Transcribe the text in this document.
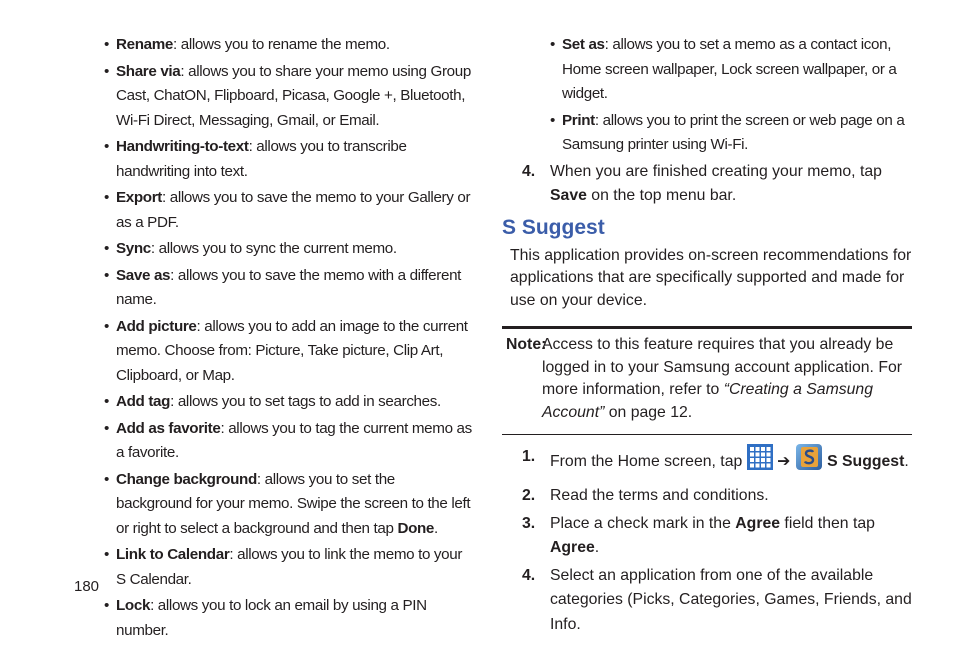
• Rename: allows you to rename the memo.
• Share via: allows you to share your memo using Group Cast, ChatON, Flipboard, Picasa, Google +, Bluetooth, Wi-Fi Direct, Messaging, Gmail, or Email.
• Handwriting-to-text: allows you to transcribe handwriting into text.
• Export: allows you to save the memo to your Gallery or as a PDF.
• Sync: allows you to sync the current memo.
• Save as: allows you to save the memo with a different name.
• Add picture: allows you to add an image to the current memo. Choose from: Picture, Take picture, Clip Art, Clipboard, or Map.
• Add tag: allows you to set tags to add in searches.
• Add as favorite: allows you to tag the current memo as a favorite.
• Change background: allows you to set the background for your memo. Swipe the screen to the left or right to select a background and then tap Done.
• Link to Calendar: allows you to link the memo to your S Calendar.
• Lock: allows you to lock an email by using a PIN number.
• Set as: allows you to set a memo as a contact icon, Home screen wallpaper, Lock screen wallpaper, or a widget.
• Print: allows you to print the screen or web page on a Samsung printer using Wi-Fi.
4. When you are finished creating your memo, tap Save on the top menu bar.
S Suggest
This application provides on-screen recommendations for applications that are specifically supported and made for use on your device.
Note:
Access to this feature requires that you already be logged in to your Samsung account application. For more information, refer to “Creating a Samsung Account” on page 12.
1. From the Home screen, tap  ➔ S Suggest.
2. Read the terms and conditions.
3. Place a check mark in the Agree field then tap Agree.
4. Select an application from one of the available categories (Picks, Categories, Games, Friends, and Info.
180
